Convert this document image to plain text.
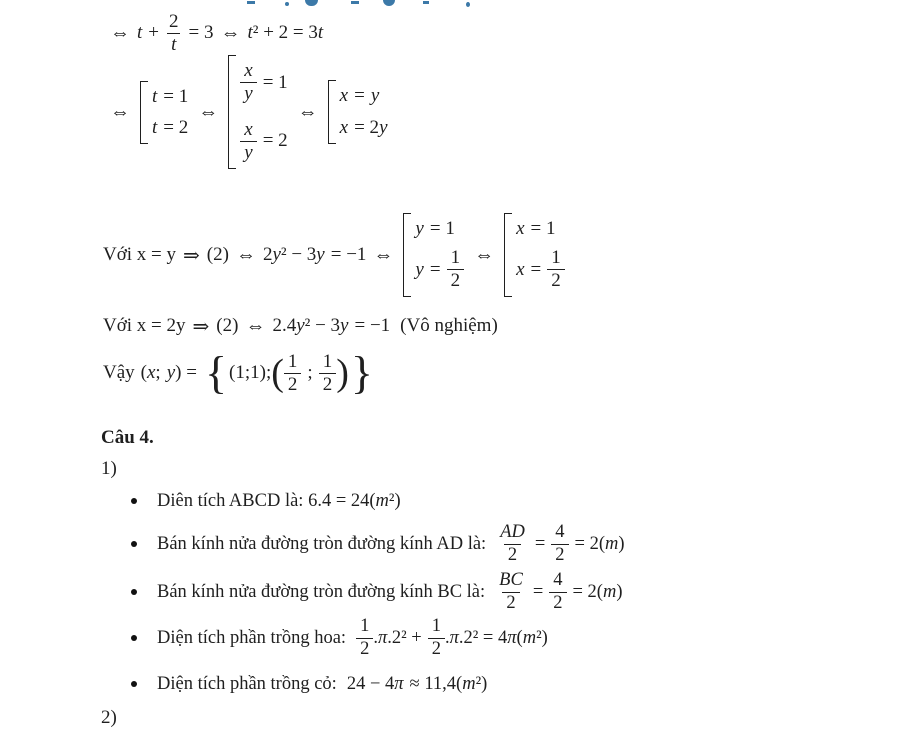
⇔ $t + \frac{2}{t} = 3$ ⇔ t ² + 2 = 3 t
⇔
t = 1
t = 2
⇔
$\frac{x}{y} = 1$
$\frac{x}{y} = 2$
⇔
x = y
x = 2 y
Với x = y ⇒ (2) ⇔ 2 y ² − 3 y = −1 ⇔
y = 1
$y = \frac{1}{2}$ ⇔
x = 1
$x = \frac{1}{2}$
Với x = 2y ⇒ (2) ⇔ 2.4 y ² − 3 y = −1 (Vô nghiệm)
Vậy ( x ; y ) = { (1;1) ; ( $\frac{1}{2}$ ; $\frac{1}{2}$ ) }
Câu 4.
1)
Diên tích ABCD là: 6.4 = 24( m ²)
Bán kính nửa đường tròn đường kính AD là: $\frac{AD}{2} = \frac{4}{2} = 2$( m )
Bán kính nửa đường tròn đường kính BC là: $\frac{BC}{2} = \frac{4}{2} = 2$( m )
Diện tích phần trồng hoa: $\frac{1}{2}$ . π $.2^2 + \frac{1}{2}$ . π .2² = 4 π ( m ²)
Diện tích phần trồng cỏ: 24 − 4 π ≈ 11,4( m ²)
2)
